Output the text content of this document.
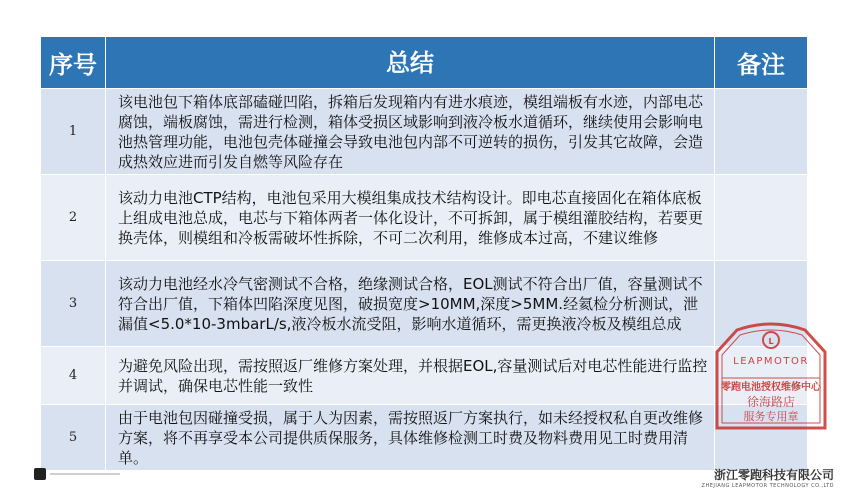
序号	总结	备注
1	该电池包下箱体底部磕碰凹陷，拆箱后发现箱内有进水痕迹，模组端板有水迹，内部电芯腐蚀，端板腐蚀，需进行检测，箱体受损区域影响到液冷板水道循环，继续使用会影响电池热管理功能，电池包壳体碰撞会导致电池包内部不可逆转的损伤，引发其它故障，会造成热效应进而引发自燃等风险存在	
2	该动力电池CTP结构，电池包采用大模组集成技术结构设计。即电芯直接固化在箱体底板上组成电池总成，电芯与下箱体两者一体化设计，不可拆卸，属于模组灌胶结构，若要更换壳体，则模组和冷板需破坏性拆除，不可二次利用，维修成本过高，不建议维修	
3	该动力电池经水冷气密测试不合格，绝缘测试合格，EOL测试不符合出厂值，容量测试不符合出厂值，下箱体凹陷深度见图，破损宽度>10MM,深度>5MM.经氦检分析测试，泄漏值<5.0*10-3mbarL/s,液冷板水流受阻，影响水道循环，需更换液冷板及模组总成	
4	为避免风险出现，需按照返厂维修方案处理，并根据EOL,容量测试后对电芯性能进行监控并调试，确保电芯性能一致性	
5	由于电池包因碰撞受损，属于人为因素，需按照返厂方案执行，如未经授权私自更改维修方案，将不再享受本公司提供质保服务，具体维修检测工时费及物料费用见工时费用清单。	
L
LEAPMOTOR
零跑电池授权维修中心
徐海路店
服务专用章
浙江零跑科技有限公司
ZHEJIANG LEAPMOTOR TECHNOLOGY CO.,LTD
